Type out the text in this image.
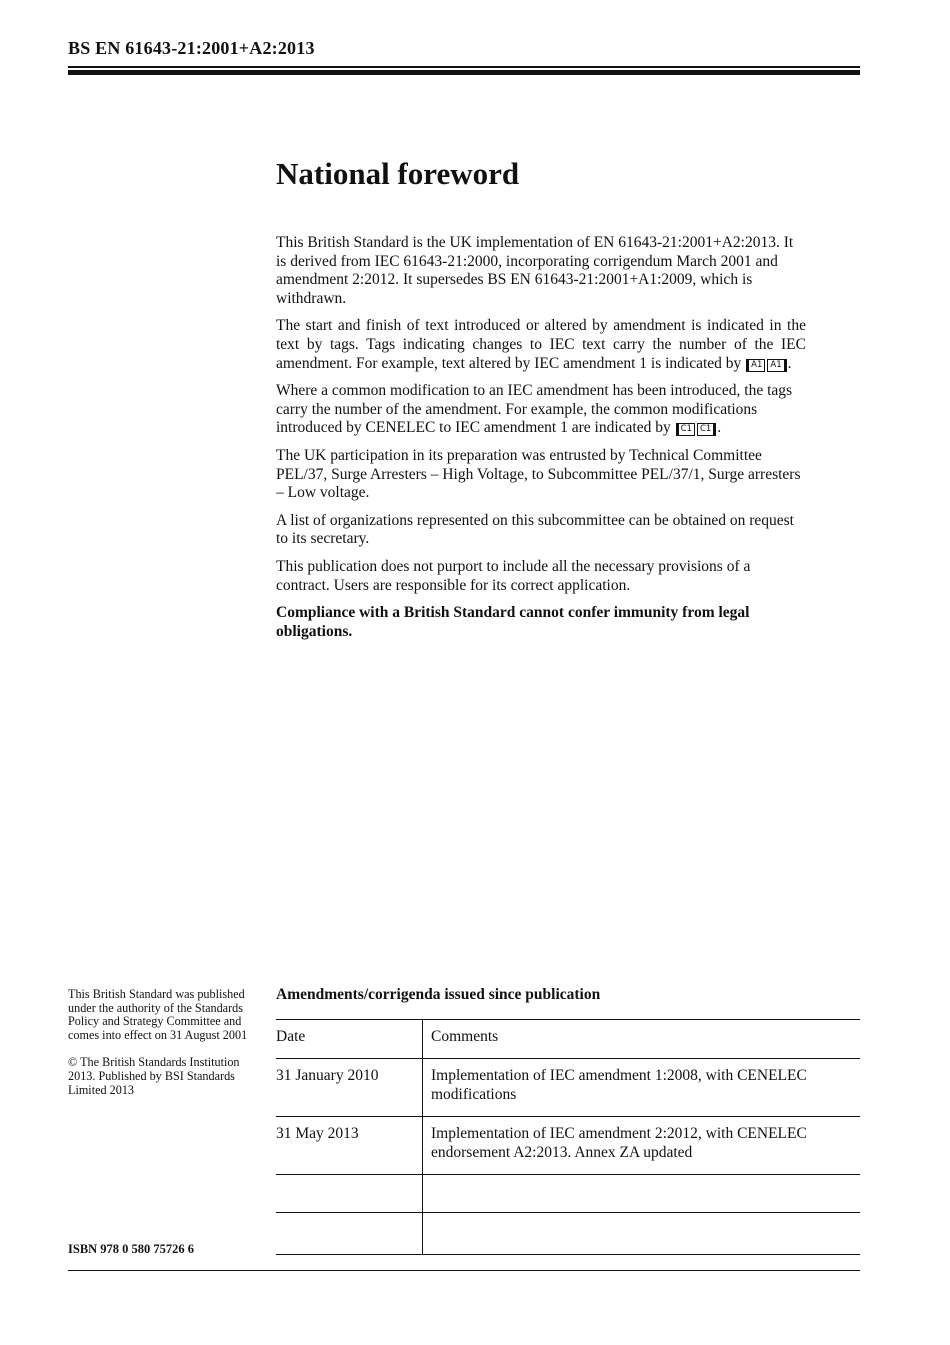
BS EN 61643-21:2001+A2:2013
National foreword

This British Standard is the UK implementation of EN 61643-21:2001+A2:2013. It is derived from IEC 61643-21:2000, incorporating corrigendum March 2001 and amendment 2:2012. It supersedes BS EN 61643-21:2001+A1:2009, which is withdrawn.

The start and finish of text introduced or altered by amendment is indicated in the text by tags. Tags indicating changes to IEC text carry the number of the IEC amendment. For example, text altered by IEC amendment 1 is indicated by A1 A1 .

Where a common modification to an IEC amendment has been introduced, the tags carry the number of the amendment. For example, the common modifications introduced by CENELEC to IEC amendment 1 are indicated by C1 C1 .

The UK participation in its preparation was entrusted by Technical Committee PEL/37, Surge Arresters – High Voltage, to Subcommittee PEL/37/1, Surge arresters – Low voltage.

A list of organizations represented on this subcommittee can be obtained on request to its secretary.

This publication does not purport to include all the necessary provisions of a contract. Users are responsible for its correct application.

Compliance with a British Standard cannot confer immunity from legal obligations.

This British Standard was published under the authority of the Standards Policy and Strategy Committee and comes into effect on 31 August 2001

© The British Standards Institution 2013. Published by BSI Standards Limited 2013

ISBN 978 0 580 75726 6
Amendments/corrigenda issued since publication
Date	Comments
31 January 2010	Implementation of IEC amendment 1:2008, with CENELEC modifications
31 May 2013	Implementation of IEC amendment 2:2012, with CENELEC endorsement A2:2013. Annex ZA updated
